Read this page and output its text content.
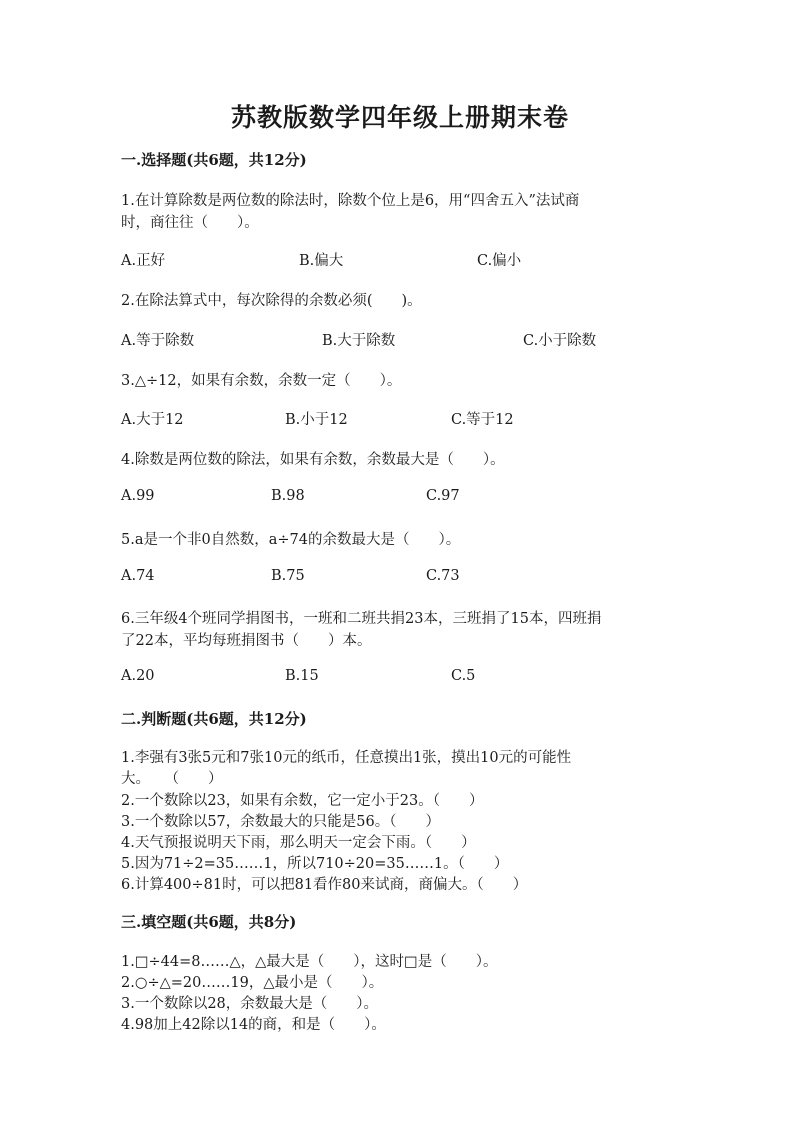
苏教版数学四年级上册期末卷
一.选择题(共6题，共12分)
1.在计算除数是两位数的除法时，除数个位上是6，用“四舍五入”法试商
时，商往往（　　）。
A.正好	B.偏大	C.偏小
2.在除法算式中，每次除得的余数必须(　　)。
A.等于除数	B.大于除数	C.小于除数
3.△÷12，如果有余数，余数一定（　　）。
A.大于12	B.小于12	C.等于12
4.除数是两位数的除法，如果有余数，余数最大是（　　）。
A.99	B.98	C.97
5.a是一个非0自然数，a÷74的余数最大是（　　）。
A.74	B.75	C.73
6.三年级4个班同学捐图书，一班和二班共捐23本，三班捐了15本，四班捐
了22本，平均每班捐图书（　　）本。
A.20	B.15	C.5
二.判断题(共6题，共12分)
1.李强有3张5元和7张10元的纸币，任意摸出1张，摸出10元的可能性
大。　　（　　）
2.一个数除以23，如果有余数，它一定小于23。（　　）
3.一个数除以57，余数最大的只能是56。（　　）
4.天气预报说明天下雨，那么明天一定会下雨。（　　）
5.因为71÷2=35……1，所以710÷20=35……1。（　　）
6.计算400÷81时，可以把81看作80来试商，商偏大。（　　）
三.填空题(共6题，共8分)
1.□÷44=8……△，△最大是（　　），这时□是（　　）。
2.○÷△=20……19，△最小是（　　）。
3.一个数除以28，余数最大是（　　）。
4.98加上42除以14的商，和是（　　）。
